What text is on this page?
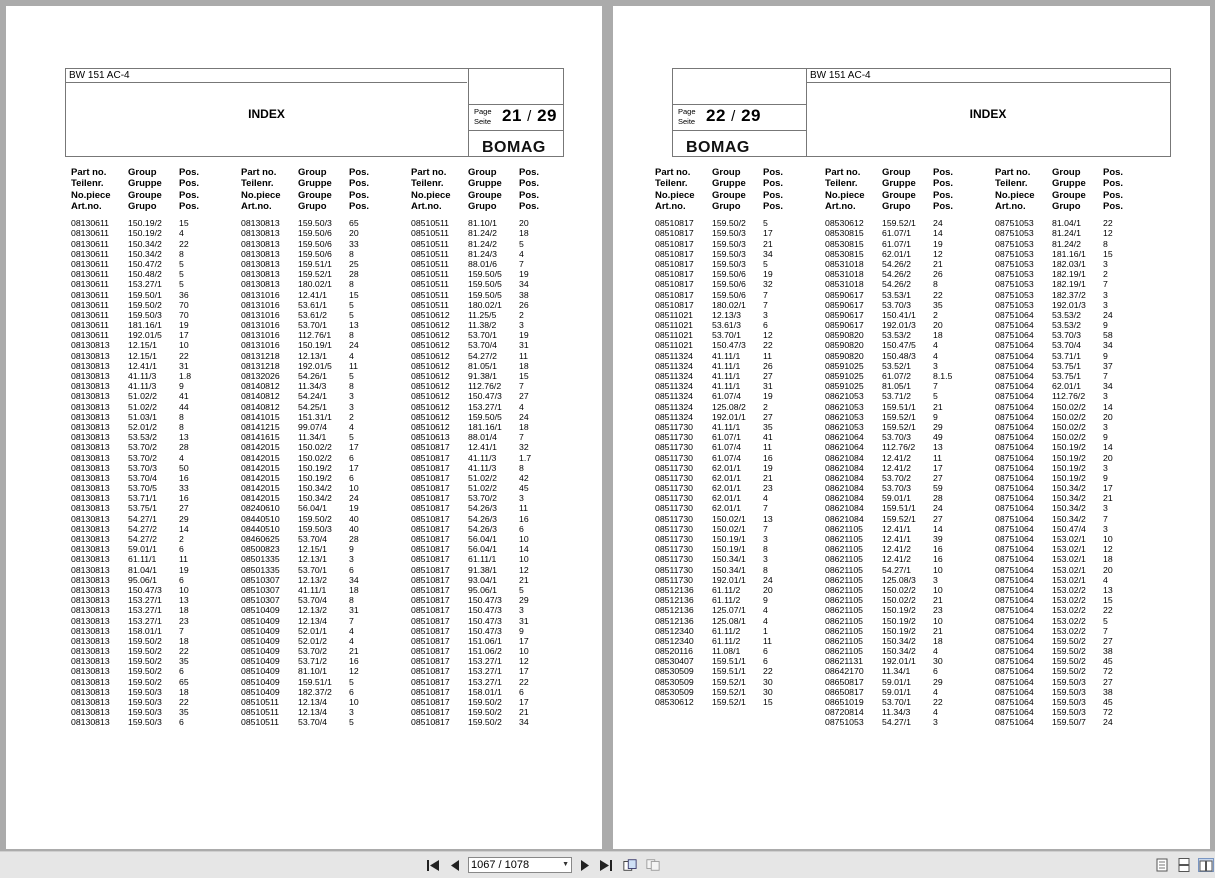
BW 151 AC-4
INDEX	Page
Seite 21 / 29
BOMAG
Part no.
Teilenr.
No.piece
Art.no.
Group
Gruppe
Groupe
Grupo
Pos.
Pos.
Pos.
Pos.
08130611	150.19/2	15
08130611	150.19/2	4
08130611	150.34/2	22
08130611	150.34/2	8
08130611	150.47/2	5
08130611	150.48/2	5
08130611	153.27/1	5
08130611	159.50/1	36
08130611	159.50/2	70
08130611	159.50/3	70
08130611	181.16/1	19
08130611	192.01/5	17
08130813	12.15/1	10
08130813	12.15/1	22
08130813	12.41/1	31
08130813	41.11/3	1.8
08130813	41.11/3	9
08130813	51.02/2	41
08130813	51.02/2	44
08130813	51.03/1	8
08130813	52.01/2	8
08130813	53.53/2	13
08130813	53.70/2	28
08130813	53.70/2	4
08130813	53.70/3	50
08130813	53.70/4	16
08130813	53.70/5	33
08130813	53.71/1	16
08130813	53.75/1	27
08130813	54.27/1	29
08130813	54.27/2	14
08130813	54.27/2	2
08130813	59.01/1	6
08130813	61.11/1	11
08130813	81.04/1	19
08130813	95.06/1	6
08130813	150.47/3	10
08130813	153.27/1	13
08130813	153.27/1	18
08130813	153.27/1	23
08130813	158.01/1	7
08130813	159.50/2	18
08130813	159.50/2	22
08130813	159.50/2	35
08130813	159.50/2	6
08130813	159.50/2	65
08130813	159.50/3	18
08130813	159.50/3	22
08130813	159.50/3	35
08130813	159.50/3	6
Part no.
Teilenr.
No.piece
Art.no.
Group
Gruppe
Groupe
Grupo
Pos.
Pos.
Pos.
Pos.
08130813	159.50/3	65
08130813	159.50/6	20
08130813	159.50/6	33
08130813	159.50/6	8
08130813	159.51/1	25
08130813	159.52/1	28
08130813	180.02/1	8
08131016	12.41/1	15
08131016	53.61/1	5
08131016	53.61/2	5
08131016	53.70/1	13
08131016	112.76/1	8
08131016	150.19/1	24
08131218	12.13/1	4
08131218	192.01/5	11
08132026	54.26/1	5
08140812	11.34/3	8
08140812	54.24/1	3
08140812	54.25/1	3
08141015	151.31/1	2
08141215	99.07/4	4
08141615	11.34/1	5
08142015	150.02/2	17
08142015	150.02/2	6
08142015	150.19/2	17
08142015	150.19/2	6
08142015	150.34/2	10
08142015	150.34/2	24
08240610	56.04/1	19
08440510	159.50/2	40
08440510	159.50/3	40
08460625	53.70/4	28
08500823	12.15/1	9
08501335	12.13/1	3
08501335	53.70/1	6
08510307	12.13/2	34
08510307	41.11/1	18
08510307	53.70/4	8
08510409	12.13/2	31
08510409	12.13/4	7
08510409	52.01/1	4
08510409	52.01/2	4
08510409	53.70/2	21
08510409	53.71/2	16
08510409	81.10/1	12
08510409	159.51/1	5
08510409	182.37/2	6
08510511	12.13/4	10
08510511	12.13/4	3
08510511	53.70/4	5
Part no.
Teilenr.
No.piece
Art.no.
Group
Gruppe
Groupe
Grupo
Pos.
Pos.
Pos.
Pos.
08510511	81.10/1	20
08510511	81.24/2	18
08510511	81.24/2	5
08510511	81.24/3	4
08510511	88.01/6	7
08510511	159.50/5	19
08510511	159.50/5	34
08510511	159.50/5	38
08510511	180.02/1	26
08510612	11.25/5	2
08510612	11.38/2	3
08510612	53.70/1	19
08510612	53.70/4	31
08510612	54.27/2	11
08510612	81.05/1	18
08510612	91.38/1	15
08510612	112.76/2	7
08510612	150.47/3	27
08510612	153.27/1	4
08510612	159.50/5	24
08510612	181.16/1	18
08510613	88.01/4	7
08510817	12.41/1	32
08510817	41.11/3	1.7
08510817	41.11/3	8
08510817	51.02/2	42
08510817	51.02/2	45
08510817	53.70/2	3
08510817	54.26/3	11
08510817	54.26/3	16
08510817	54.26/3	6
08510817	56.04/1	10
08510817	56.04/1	14
08510817	61.11/1	10
08510817	91.38/1	12
08510817	93.04/1	21
08510817	95.06/1	5
08510817	150.47/3	29
08510817	150.47/3	3
08510817	150.47/3	31
08510817	150.47/3	9
08510817	151.06/1	17
08510817	151.06/2	10
08510817	153.27/1	12
08510817	153.27/1	17
08510817	153.27/1	22
08510817	158.01/1	6
08510817	159.50/2	17
08510817	159.50/2	21
08510817	159.50/2	34
BW 151 AC-4
INDEX
Page
Seite 22 / 29
BOMAG
Part no.
Teilenr.
No.piece
Art.no.
Group
Gruppe
Groupe
Grupo
Pos.
Pos.
Pos.
Pos.
08510817	159.50/2	5
08510817	159.50/3	17
08510817	159.50/3	21
08510817	159.50/3	34
08510817	159.50/3	5
08510817	159.50/6	19
08510817	159.50/6	32
08510817	159.50/6	7
08510817	180.02/1	7
08511021	12.13/3	3
08511021	53.61/3	6
08511021	53.70/1	12
08511021	150.47/3	22
08511324	41.11/1	11
08511324	41.11/1	26
08511324	41.11/1	27
08511324	41.11/1	31
08511324	61.07/4	19
08511324	125.08/2	2
08511324	192.01/1	27
08511730	41.11/1	35
08511730	61.07/1	41
08511730	61.07/4	11
08511730	61.07/4	16
08511730	62.01/1	19
08511730	62.01/1	21
08511730	62.01/1	23
08511730	62.01/1	4
08511730	62.01/1	7
08511730	150.02/1	13
08511730	150.02/1	7
08511730	150.19/1	3
08511730	150.19/1	8
08511730	150.34/1	3
08511730	150.34/1	8
08511730	192.01/1	24
08512136	61.11/2	20
08512136	61.11/2	9
08512136	125.07/1	4
08512136	125.08/1	4
08512340	61.11/2	1
08512340	61.11/2	11
08520116	11.08/1	6
08530407	159.51/1	6
08530509	159.51/1	22
08530509	159.52/1	30
08530509	159.52/1	30
08530612	159.52/1	15
Part no.
Teilenr.
No.piece
Art.no.
Group
Gruppe
Groupe
Grupo
Pos.
Pos.
Pos.
Pos.
08530612	159.52/1	24
08530815	61.07/1	14
08530815	61.07/1	19
08530815	62.01/1	12
08531018	54.26/2	21
08531018	54.26/2	26
08531018	54.26/2	8
08590617	53.53/1	22
08590617	53.70/3	35
08590617	150.41/1	2
08590617	192.01/3	20
08590820	53.53/2	18
08590820	150.47/5	4
08590820	150.48/3	4
08591025	53.52/1	3
08591025	61.07/2	8.1.5
08591025	81.05/1	7
08621053	53.71/2	5
08621053	159.51/1	21
08621053	159.52/1	9
08621053	159.52/1	29
08621064	53.70/3	49
08621064	112.76/2	13
08621084	12.41/2	11
08621084	12.41/2	17
08621084	53.70/2	27
08621084	53.70/3	59
08621084	59.01/1	28
08621084	159.51/1	24
08621084	159.52/1	27
08621105	12.41/1	14
08621105	12.41/1	39
08621105	12.41/2	16
08621105	12.41/2	16
08621105	54.27/1	10
08621105	125.08/3	3
08621105	150.02/2	10
08621105	150.02/2	21
08621105	150.19/2	23
08621105	150.19/2	10
08621105	150.19/2	21
08621105	150.34/2	18
08621105	150.34/2	4
08621131	192.01/1	30
08642170	11.34/1	6
08650817	59.01/1	29
08650817	59.01/1	4
08651019	53.70/1	22
08720814	11.34/3	4
08751053	54.27/1	3
Part no.
Teilenr.
No.piece
Art.no.
Group
Gruppe
Groupe
Grupo
Pos.
Pos.
Pos.
Pos.
08751053	81.04/1	22
08751053	81.24/1	12
08751053	81.24/2	8
08751053	181.16/1	15
08751053	182.03/1	3
08751053	182.19/1	2
08751053	182.19/1	7
08751053	182.37/2	3
08751053	192.01/3	3
08751064	53.53/2	24
08751064	53.53/2	9
08751064	53.70/3	58
08751064	53.70/4	34
08751064	53.71/1	9
08751064	53.75/1	37
08751064	53.75/1	7
08751064	62.01/1	34
08751064	112.76/2	3
08751064	150.02/2	14
08751064	150.02/2	20
08751064	150.02/2	3
08751064	150.02/2	9
08751064	150.19/2	14
08751064	150.19/2	20
08751064	150.19/2	3
08751064	150.19/2	9
08751064	150.34/2	17
08751064	150.34/2	21
08751064	150.34/2	3
08751064	150.34/2	7
08751064	150.47/4	3
08751064	153.02/1	10
08751064	153.02/1	12
08751064	153.02/1	18
08751064	153.02/1	20
08751064	153.02/1	4
08751064	153.02/2	13
08751064	153.02/2	15
08751064	153.02/2	22
08751064	153.02/2	5
08751064	153.02/2	7
08751064	159.50/2	27
08751064	159.50/2	38
08751064	159.50/2	45
08751064	159.50/2	72
08751064	159.50/3	27
08751064	159.50/3	38
08751064	159.50/3	45
08751064	159.50/3	72
08751064	159.50/7	24
1067 / 1078	▼
